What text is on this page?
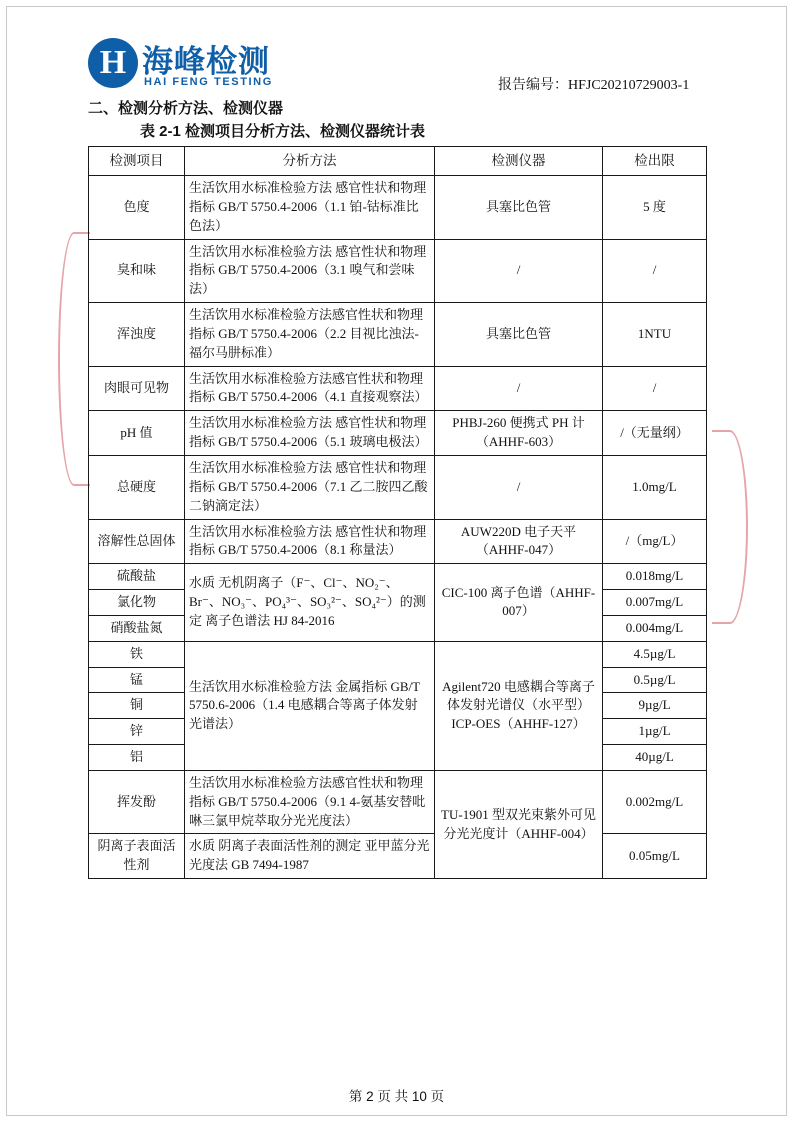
H 海峰检测
HAI FENG TESTING	报告编号：HFJC20210729003-1
二、检测分析方法、检测仪器
表 2-1 检测项目分析方法、检测仪器统计表
检测项目	分析方法	检测仪器	检出限
色度	生活饮用水标准检验方法 感官性状和物理指标 GB/T 5750.4-2006（1.1 铂-钴标准比色法）	具塞比色管	5 度
臭和味	生活饮用水标准检验方法 感官性状和物理指标 GB/T 5750.4-2006（3.1 嗅气和尝味法）	/	/
浑浊度	生活饮用水标准检验方法感官性状和物理指标 GB/T 5750.4-2006（2.2 目视比浊法-福尔马肼标准）	具塞比色管	1NTU
肉眼可见物	生活饮用水标准检验方法感官性状和物理指标 GB/T 5750.4-2006（4.1 直接观察法）	/	/
pH 值	生活饮用水标准检验方法 感官性状和物理指标 GB/T 5750.4-2006（5.1 玻璃电极法）	PHBJ-260 便携式 PH 计（AHHF-603）	/（无量纲）
总硬度	生活饮用水标准检验方法 感官性状和物理指标 GB/T 5750.4-2006（7.1 乙二胺四乙酸二钠滴定法）	/	1.0mg/L
溶解性总固体	生活饮用水标准检验方法 感官性状和物理指标 GB/T 5750.4-2006（8.1 称量法）	AUW220D 电子天平（AHHF-047）	/（mg/L）
硫酸盐	水质 无机阴离子（F⁻、Cl⁻、NO₂⁻、Br⁻、NO₃⁻、PO₄³⁻、SO₃²⁻、SO₄²⁻）的测定 离子色谱法 HJ 84-2016	CIC-100 离子色谱（AHHF-007）	0.018mg/L
氯化物			0.007mg/L
硝酸盐氮			0.004mg/L
铁	生活饮用水标准检验方法 金属指标 GB/T 5750.6-2006（1.4 电感耦合等离子体发射光谱法）	Agilent720 电感耦合等离子体发射光谱仪（水平型）ICP-OES（AHHF-127）	4.5µg/L
锰			0.5µg/L
铜			9µg/L
锌			1µg/L
铝			40µg/L
挥发酚	生活饮用水标准检验方法感官性状和物理指标 GB/T 5750.4-2006（9.1 4-氨基安替吡啉三氯甲烷萃取分光光度法）	TU-1901 型双光束紫外可见分光光度计（AHHF-004）	0.002mg/L
阴离子表面活性剂	水质 阴离子表面活性剂的测定 亚甲蓝分光光度法 GB 7494-1987		0.05mg/L
第 2 页 共 10 页
